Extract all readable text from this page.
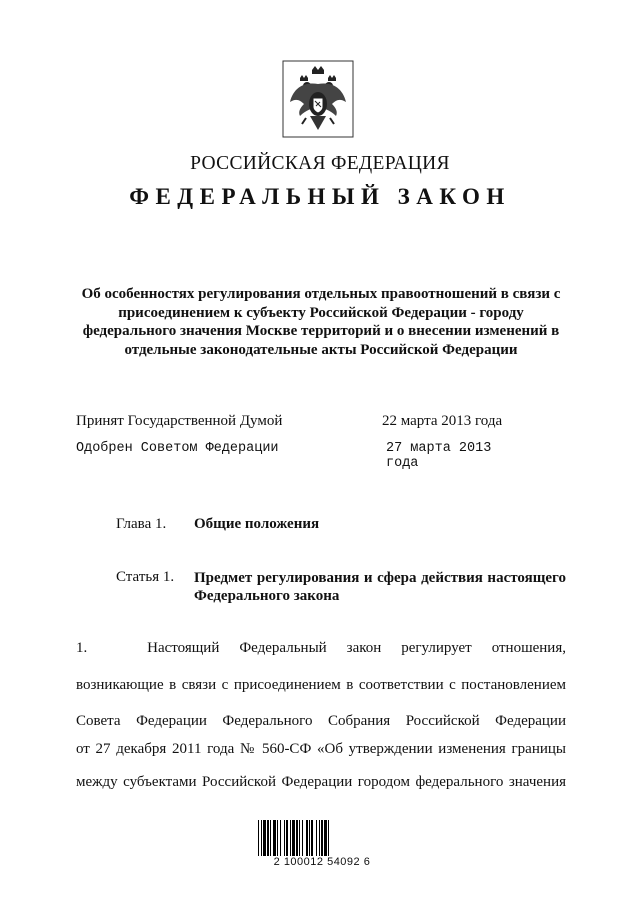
РОССИЙСКАЯ ФЕДЕРАЦИЯ
ФЕДЕРАЛЬНЫЙ ЗАКОН
Об особенностях регулирования отдельных правоотношений в связи с
присоединением к субъекту Российской Федерации - городу
федерального значения Москве территорий и о внесении изменений в
отдельные законодательные акты Российской Федерации
Принят Государственной Думой	22 марта 2013 года
Одобрен Советом Федерации	27 марта 2013 года
Глава 1. Общие положения
Статья 1. Предмет регулирования и сфера действия настоящего Федерального закона
1.      Настоящий  Федеральный  закон  регулирует  отношения,
возникающие в связи с присоединением в соответствии с постановлением
Совета Федерации Федерального Собрания Российской Федерации
от 27 декабря 2011 года № 560-СФ «Об утверждении изменения границы
между субъектами Российской Федерации городом федерального значения
2 100012 54092 6
